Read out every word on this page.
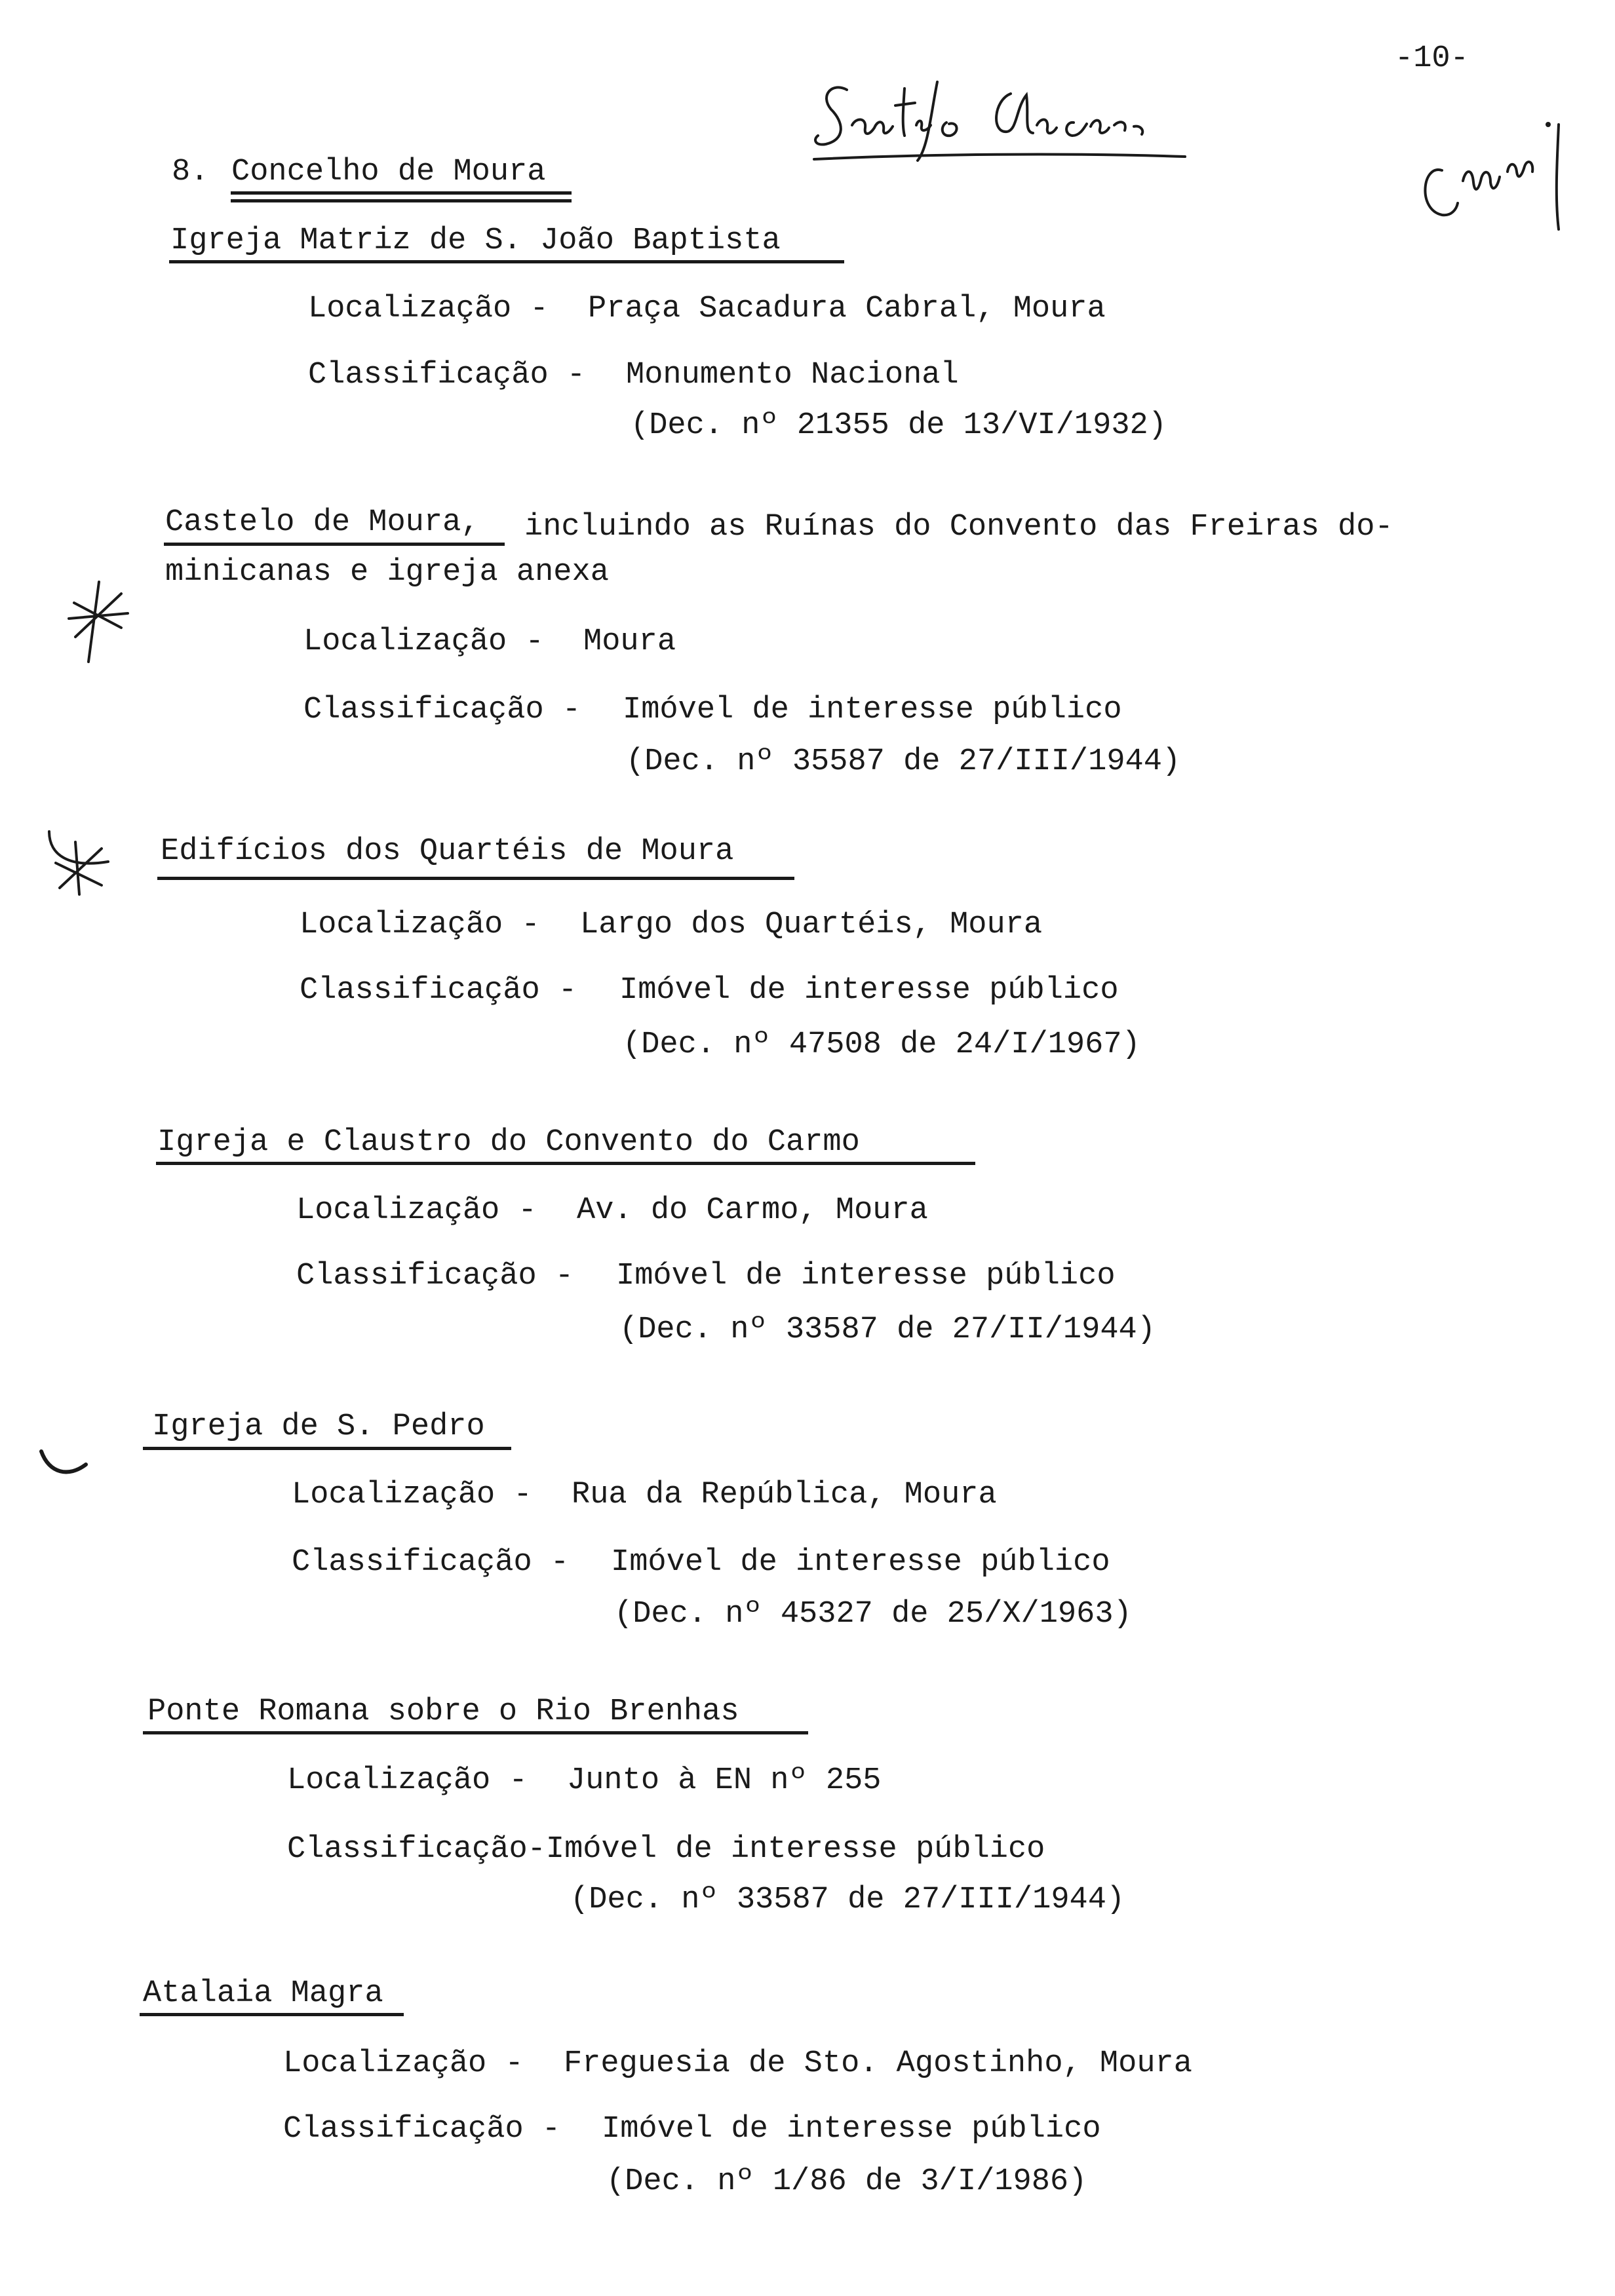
-10-
8. Concelho de Moura
Igreja Matriz de S. João Baptista
Localização - Praça Sacadura Cabral, Moura
Classificação - Monumento Nacional
(Dec. nº 21355 de 13/VI/1932)
Castelo de Moura, incluindo as Ruínas do Convento das Freiras do-
minicanas e igreja anexa
Localização - Moura
Classificação - Imóvel de interesse público
(Dec. nº 35587 de 27/III/1944)
Edifícios dos Quartéis de Moura
Localização - Largo dos Quartéis, Moura
Classificação - Imóvel de interesse público
(Dec. nº 47508 de 24/I/1967)
Igreja e Claustro do Convento do Carmo
Localização - Av. do Carmo, Moura
Classificação - Imóvel de interesse público
(Dec. nº 33587 de 27/II/1944)
Igreja de S. Pedro
Localização - Rua da República, Moura
Classificação - Imóvel de interesse público
(Dec. nº 45327 de 25/X/1963)
Ponte Romana sobre o Rio Brenhas
Localização - Junto à EN nº 255
Classificação-Imóvel de interesse público
(Dec. nº 33587 de 27/III/1944)
Atalaia Magra
Localização - Freguesia de Sto. Agostinho, Moura
Classificação - Imóvel de interesse público
(Dec. nº 1/86 de 3/I/1986)
